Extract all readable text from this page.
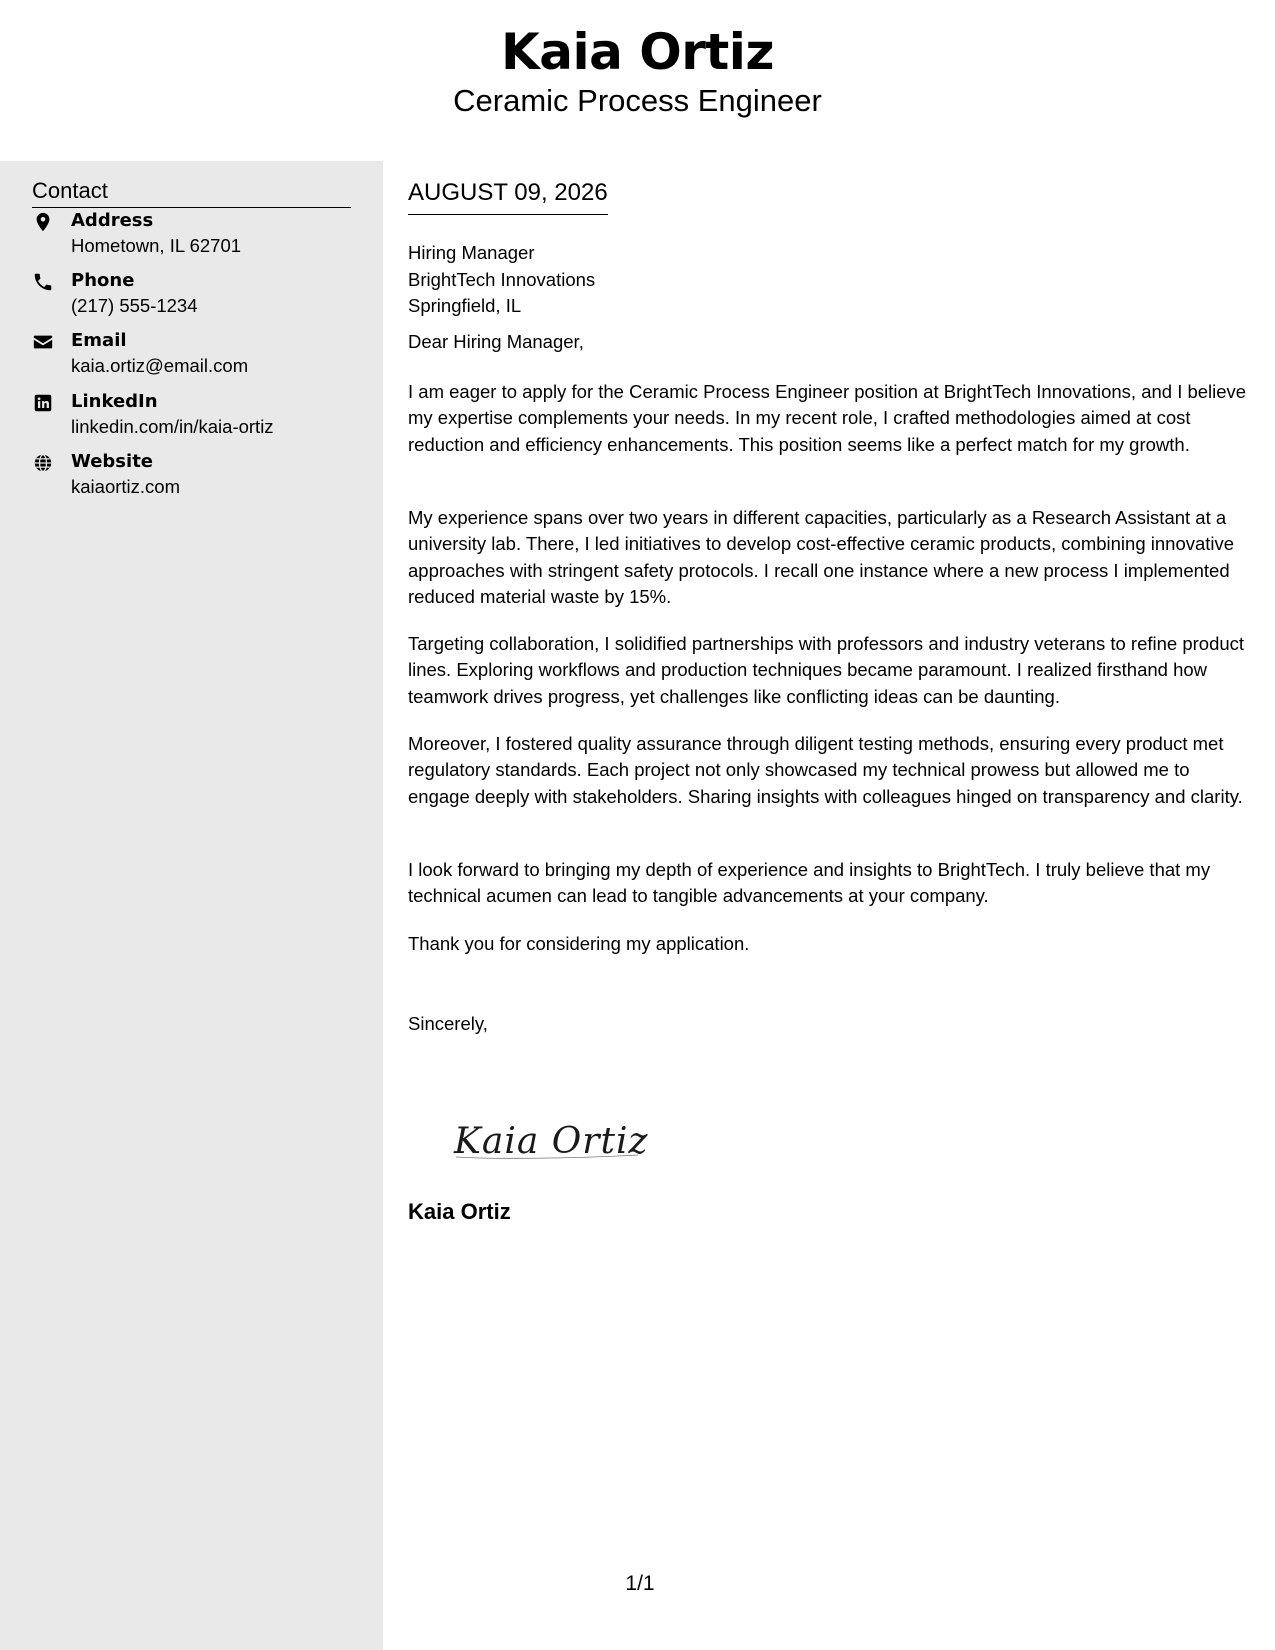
Kaia Ortiz
Ceramic Process Engineer
Contact
Address
Hometown, IL 62701
Phone
(217) 555-1234
Email
kaia.ortiz@email.com
LinkedIn
linkedin.com/in/kaia-ortiz
Website
kaiaortiz.com
AUGUST 09, 2026
Hiring Manager
BrightTech Innovations
Springfield, IL
Dear Hiring Manager,
I am eager to apply for the Ceramic Process Engineer position at BrightTech Innovations, and I believe my expertise complements your needs. In my recent role, I crafted methodologies aimed at cost reduction and efficiency enhancements. This position seems like a perfect match for my growth.
My experience spans over two years in different capacities, particularly as a Research Assistant at a university lab. There, I led initiatives to develop cost-effective ceramic products, combining innovative approaches with stringent safety protocols. I recall one instance where a new process I implemented reduced material waste by 15%.
Targeting collaboration, I solidified partnerships with professors and industry veterans to refine product lines. Exploring workflows and production techniques became paramount. I realized firsthand how teamwork drives progress, yet challenges like conflicting ideas can be daunting.
Moreover, I fostered quality assurance through diligent testing methods, ensuring every product met regulatory standards. Each project not only showcased my technical prowess but allowed me to engage deeply with stakeholders. Sharing insights with colleagues hinged on transparency and clarity.
I look forward to bringing my depth of experience and insights to BrightTech. I truly believe that my technical acumen can lead to tangible advancements at your company.
Thank you for considering my application.
Sincerely,
Kaia Ortiz
Kaia Ortiz
1/1
